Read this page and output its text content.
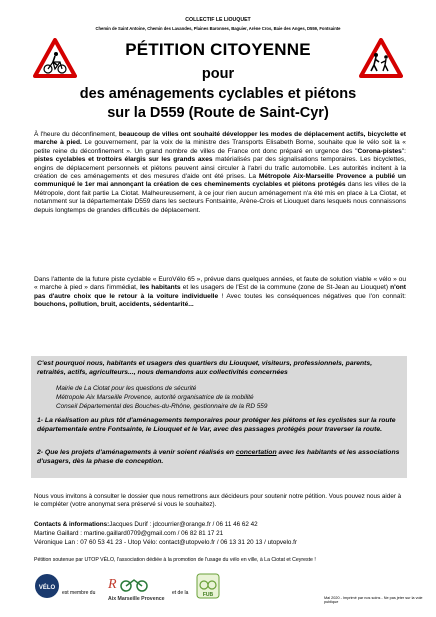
COLLECTIF LE LIOUQUET
Chemin de Saint Antoine, Chemin des Lavandes, Plaines Baronnes, Baguier, Arène Cros, Baie des Anges, D559, Fontsainte
PÉTITION CITOYENNE
pour
des aménagements cyclables et piétons
sur la D559 (Route de Saint-Cyr)
À l'heure du déconfinement, beaucoup de villes ont souhaité développer les modes de déplacement actifs, bicyclette et marche à pied. Le gouvernement, par la voix de la ministre des Transports Elisabeth Borne, souhaite que le vélo soit la « petite reine du déconfinement ». Un grand nombre de villes de France ont donc préparé en urgence des "Corona-pistes": pistes cyclables et trottoirs élargis sur les grands axes matérialisés par des signalisations temporaires. Les bicyclettes, engins de déplacement personnels et piétons peuvent ainsi circuler à l'abri du trafic automobile. Les autorités incitent à la création de ces aménagements et des mesures d'aide ont été prises. La Métropole Aix-Marseille Provence a publié un communiqué le 1er mai annonçant la création de ces cheminements cyclables et piétons protégés dans les villes de la Métropole, dont fait partie La Ciotat. Malheureusement, à ce jour rien aucun aménagement n'a été mis en place à La Ciotat, et notamment sur la départementale D559 dans les secteurs Fontsainte, Arène-Crois et Liouquet dans lesquels nous connaissons depuis longtemps de grandes difficultés de déplacement.
Dans l'attente de la future piste cyclable « EuroVélo 65 », prévue dans quelques années, et faute de solution viable « vélo » ou « marche à pied » dans l'immédiat, les habitants et les usagers de l'Est de la commune (zone de St-Jean au Liouquet) n'ont pas d'autre choix que le retour à la voiture individuelle ! Avec toutes les conséquences négatives que l'on connaît: bouchons, pollution, bruit, accidents, sédentarité...
C'est pourquoi nous, habitants et usagers des quartiers du Liouquet, visiteurs, professionnels, parents, retraités, actifs, agriculteurs..., nous demandons aux collectivités concernées
Mairie de La Ciotat pour les questions de sécurité
Métropole Aix Marseille Provence, autorité organisatrice de la mobilité
Conseil Départemental des Bouches-du-Rhône, gestionnaire de la RD 559
1- La réalisation au plus tôt d'aménagements temporaires pour protéger les piétons et les cyclistes sur la route départementale entre Fontsainte, le Liouquet et le Var, avec des passages protégés pour traverser la route.
2- Que les projets d'aménagements à venir soient réalisés en concertation avec les habitants et les associations d'usagers, dès la phase de conception.
Nous vous invitons à consulter le dossier que nous remettrons aux décideurs pour soutenir notre pétition. Vous pouvez nous aider à le compléter (votre anonymat sera préservé si vous le souhaitez).
Contacts & informations:Jacques Durif : jdcourrier@orange.fr / 06 11 46 62 42
Martine Gaillard : martine.gaillard0709@gmail.com / 06 82 81 17 21
Véronique Lan : 07 60 53 41 23 - Utop Vélo: contact@utopvelo.fr / 06 13 31 20 13 / utopvelo.fr
Pétition soutenue par UTOP VÉLO, l'association dédiée à la promotion de l'usage du vélo en ville, à La Ciotat et Ceyreste !
VÉLO
est membre du
R
Aix Marseille Provence
et de la	FUB	Mai 2020 - Imprimé par nos soins - Ne pas jeter sur la voie publique
